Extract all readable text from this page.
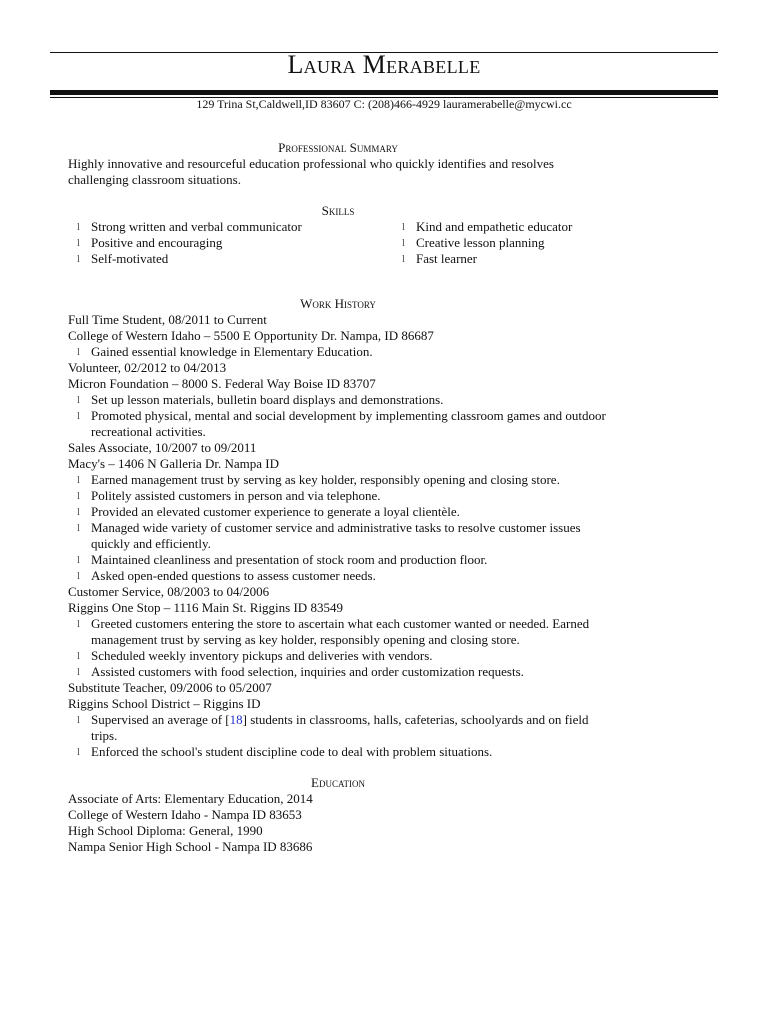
Laura Merabelle
129 Trina St,Caldwell,ID 83607 C: (208)466-4929 lauramerabelle@mycwi.cc
Professional Summary

Highly innovative and resourceful education professional who quickly identifies and resolves challenging classroom situations.

Skills
l Strong written and verbal communicator
l Positive and encouraging
l Self-motivated
l Kind and empathetic educator
l Creative lesson planning
l Fast learner
Work History

Full Time Student, 08/2011 to Current

College of Western Idaho – 5500 E Opportunity Dr. Nampa, ID 86687

l Gained essential knowledge in Elementary Education.

Volunteer, 02/2012 to 04/2013

Micron Foundation – 8000 S. Federal Way Boise ID 83707

l Set up lesson materials, bulletin board displays and demonstrations.
l Promoted physical, mental and social development by implementing classroom games and outdoor recreational activities.

Sales Associate, 10/2007 to 09/2011

Macy's – 1406 N Galleria Dr. Nampa ID

l Earned management trust by serving as key holder, responsibly opening and closing store.
l Politely assisted customers in person and via telephone.
l Provided an elevated customer experience to generate a loyal clientèle.
l Managed wide variety of customer service and administrative tasks to resolve customer issues quickly and efficiently.
l Maintained cleanliness and presentation of stock room and production floor.
l Asked open-ended questions to assess customer needs.

Customer Service, 08/2003 to 04/2006

Riggins One Stop – 1116 Main St. Riggins ID 83549

l Greeted customers entering the store to ascertain what each customer wanted or needed. Earned management trust by serving as key holder, responsibly opening and closing store.
l Scheduled weekly inventory pickups and deliveries with vendors.
l Assisted customers with food selection, inquiries and order customization requests.

Substitute Teacher, 09/2006 to 05/2007

Riggins School District – Riggins ID

l Supervised an average of [18] students in classrooms, halls, cafeterias, schoolyards and on field trips.
l Enforced the school's student discipline code to deal with problem situations.
Education

Associate of Arts: Elementary Education, 2014

College of Western Idaho - Nampa ID 83653

High School Diploma: General, 1990

Nampa Senior High School - Nampa ID 83686
